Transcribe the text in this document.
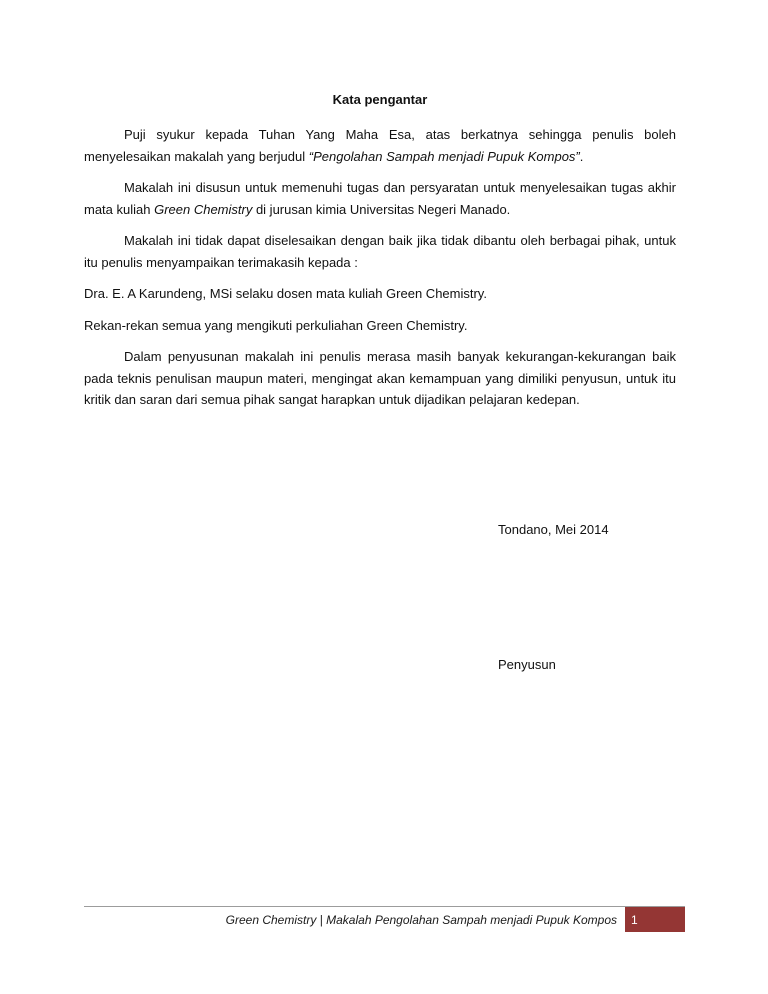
Kata pengantar

Puji syukur kepada Tuhan Yang Maha Esa, atas berkatnya sehingga penulis boleh menyelesaikan makalah yang berjudul “Pengolahan Sampah menjadi Pupuk Kompos”.

Makalah ini disusun untuk memenuhi tugas dan persyaratan untuk menyelesaikan tugas akhir mata kuliah Green Chemistry di jurusan kimia Universitas Negeri Manado.

Makalah ini tidak dapat diselesaikan dengan baik jika tidak dibantu oleh berbagai pihak, untuk itu penulis menyampaikan terimakasih kepada :

Dra. E. A Karundeng, MSi selaku dosen mata kuliah Green Chemistry.

Rekan-rekan semua yang mengikuti perkuliahan Green Chemistry.

Dalam penyusunan makalah ini penulis merasa masih banyak kekurangan-kekurangan baik pada teknis penulisan maupun materi, mengingat akan kemampuan yang dimiliki penyusun, untuk itu kritik dan saran dari semua pihak sangat harapkan untuk dijadikan pelajaran kedepan.

Tondano, Mei 2014
Penyusun
Green Chemistry | Makalah Pengolahan Sampah menjadi Pupuk Kompos	1
